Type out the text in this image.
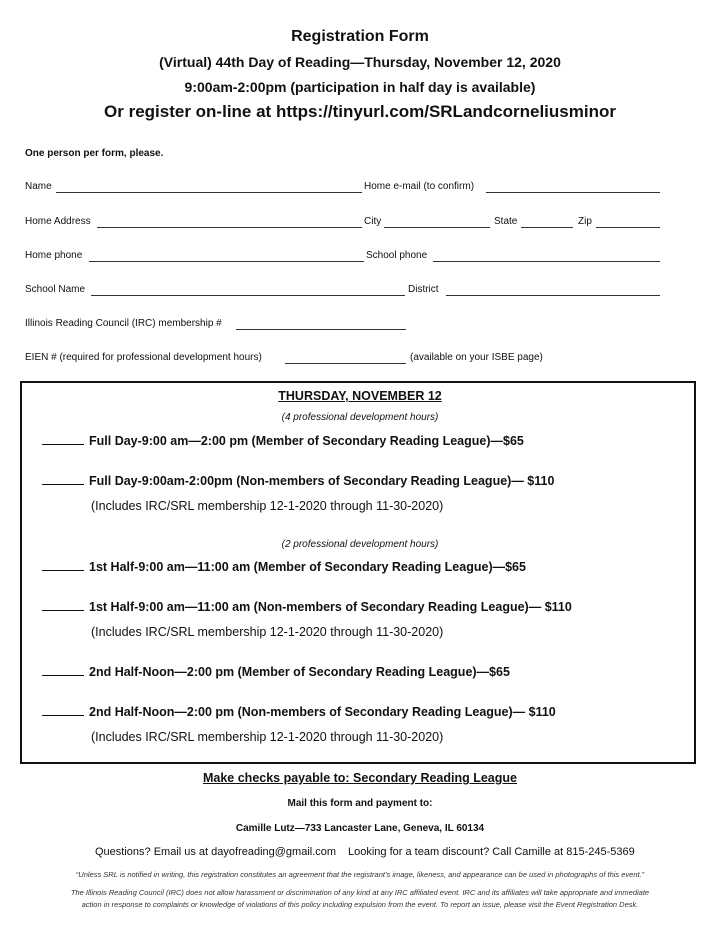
Registration Form
(Virtual) 44th Day of Reading—Thursday, November 12, 2020
9:00am-2:00pm (participation in half day is available)
Or register on-line at https://tinyurl.com/SRLandcorneliusminor
One person per form, please.
Name	Home e-mail (to confirm)
Home Address	City	State	Zip
Home phone	School phone
School Name	District
Illinois Reading Council (IRC) membership #
EIEN # (required for professional development hours)	(available on your ISBE page)
THURSDAY, NOVEMBER 12
(4 professional development hours)
Full Day-9:00 am—2:00 pm (Member of Secondary Reading League)—$65
Full Day-9:00am-2:00pm (Non-members of Secondary Reading League)— $110
(Includes IRC/SRL membership 12-1-2020 through 11-30-2020)
(2 professional development hours)
1st Half-9:00 am—11:00 am (Member of Secondary Reading League)—$65
1st Half-9:00 am—11:00 am (Non-members of Secondary Reading League)— $110
(Includes IRC/SRL membership 12-1-2020 through 11-30-2020)
2nd Half-Noon—2:00 pm (Member of Secondary Reading League)—$65
2nd Half-Noon—2:00 pm (Non-members of Secondary Reading League)— $110
(Includes IRC/SRL membership 12-1-2020 through 11-30-2020)
Make checks payable to: Secondary Reading League
Mail this form and payment to:
Camille Lutz—733 Lancaster Lane, Geneva, IL 60134
Questions? Email us at dayofreading@gmail.com Looking for a team discount? Call Camille at 815-245-5369
“Unless SRL is notified in writing, this registration constitutes an agreement that the registrant’s image, likeness, and appearance can be used in photographs of this event.”
The Illinois Reading Council (IRC) does not allow harassment or discrimination of any kind at any IRC affiliated event. IRC and its affiliates will take appropriate and immediate
action in response to complaints or knowledge of violations of this policy including expulsion from the event. To report an issue, please visit the Event Registration Desk.
